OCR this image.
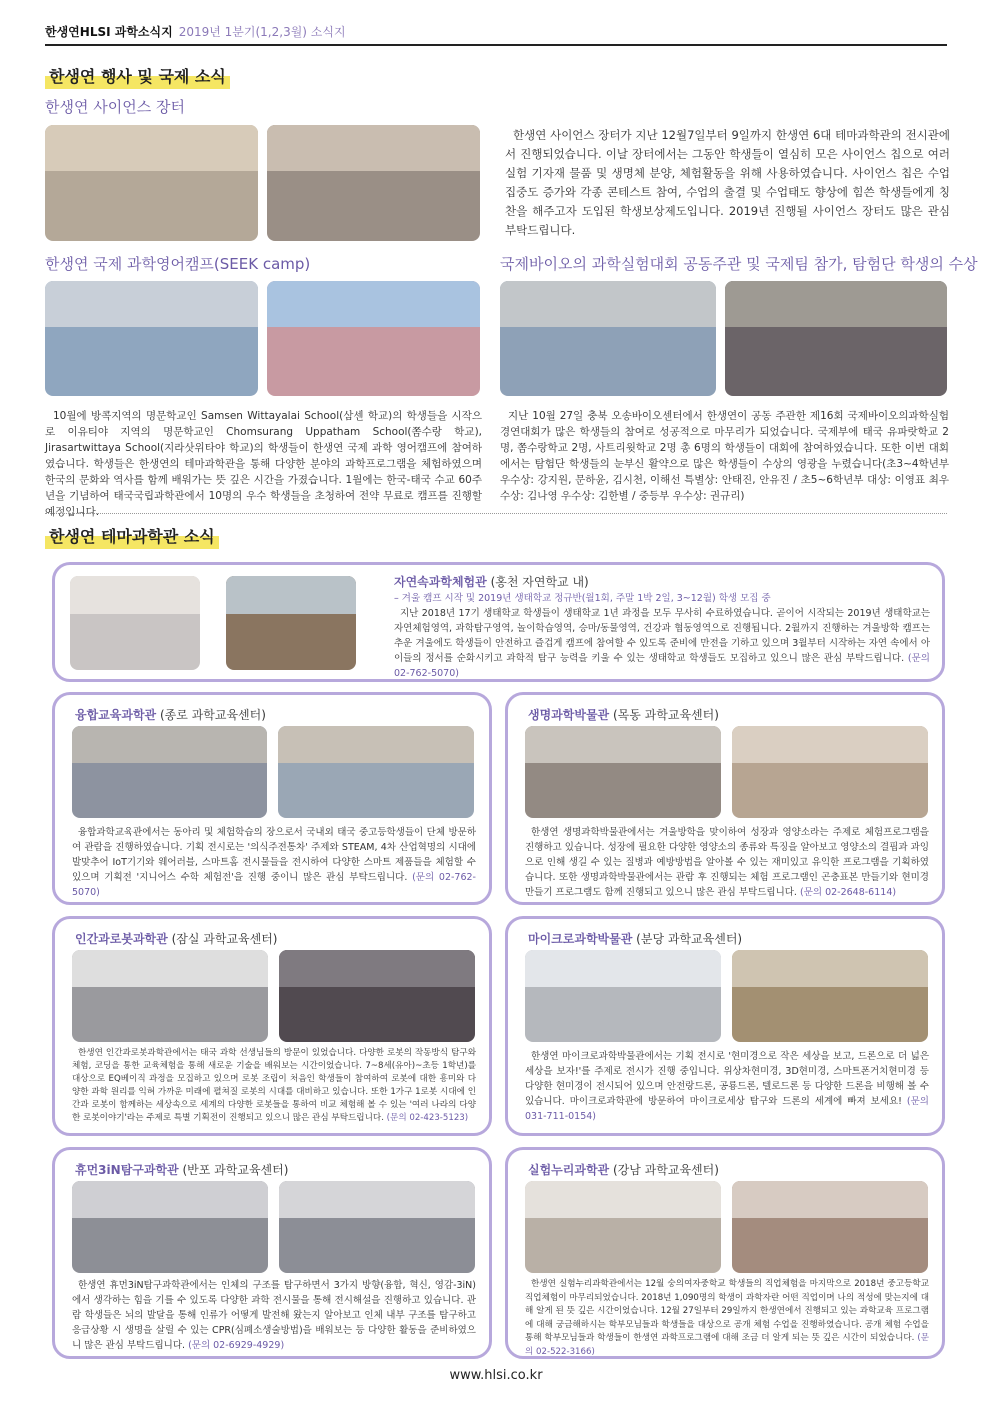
한생연HLSI 과학소식지 2019년 1분기(1,2,3월) 소식지
한생연 행사 및 국제 소식
한생연 사이언스 장터
한생연 사이언스 장터가 지난 12월7일부터 9일까지 한생연 6대 테마과학관의 전시관에서 진행되었습니다. 이날 장터에서는 그동안 학생들이 열심히 모은 사이언스 칩으로 여러 실험 기자재 물품 및 생명체 분양, 체험활동을 위해 사용하였습니다. 사이언스 칩은 수업 집중도 증가와 각종 콘테스트 참여, 수업의 출결 및 수업태도 향상에 힘쓴 학생들에게 칭찬을 해주고자 도입된 학생보상제도입니다. 2019년 진행될 사이언스 장터도 많은 관심 부탁드립니다.
한생연 국제 과학영어캠프(SEEK camp)	국제바이오의 과학실험대회 공동주관 및 국제팀 참가, 탐험단 학생의 수상
10월에 방콕지역의 명문학교인 Samsen Wittayalai School(삼센 학교)의 학생들을 시작으로 이유티야 지역의 명문학교인 Chomsurang Uppatham School(쫌수랑 학교), Jirasartwittaya School(지라삿위타야 학교)의 학생들이 한생연 국제 과학 영어캠프에 참여하였습니다. 학생들은 한생연의 테마과학관을 통해 다양한 분야의 과학프로그램을 체험하였으며 한국의 문화와 역사를 함께 배워가는 뜻 깊은 시간을 가졌습니다. 1월에는 한국-태국 수교 60주년을 기념하여 태국국립과학관에서 10명의 우수 학생들을 초청하여 전약 무료로 캠프를 진행할 예정입니다.
지난 10월 27일 충북 오송바이오센터에서 한생연이 공동 주관한 제16회 국제바이오의과학실험경연대회가 많은 학생들의 참여로 성공적으로 마무리가 되었습니다. 국제부에 태국 유파랏학교 2명, 쫌수랑학교 2명, 사트리윗학교 2명 총 6명의 학생들이 대회에 참여하였습니다. 또한 이번 대회에서는 탐험단 학생들의 눈부신 활약으로 많은 학생들이 수상의 영광을 누렸습니다(초3~4학년부 우수상: 강지원, 문하윤, 김시천, 이해선 특별상: 안태진, 안유진 / 초5~6학년부 대상: 이영표 최우수상: 김나영 우수상: 김한별 / 중등부 우수상: 권규리)
한생연 테마과학관 소식
자연속과학체험관 (홍천 자연학교 내)
– 겨울 캠프 시작 및 2019년 생태학교 정규반(월1회, 주말 1박 2일, 3~12월) 학생 모집 중
지난 2018년 17기 생태학교 학생들이 생태학교 1년 과정을 모두 무사히 수료하였습니다. 곧이어 시작되는 2019년 생태학교는 자연체험영역, 과학탐구영역, 놀이학습영역, 승마/동물영역, 건강과 협동영역으로 진행됩니다. 2월까지 진행하는 겨울방학 캠프는 추운 겨울에도 학생들이 안전하고 즐겁게 캠프에 참여할 수 있도록 준비에 만전을 기하고 있으며 3월부터 시작하는 자연 속에서 아이들의 정서를 순화시키고 과학적 탐구 능력을 키울 수 있는 생태학교 학생들도 모집하고 있으니 많은 관심 부탁드립니다. (문의 02-762-5070)
융합교육과학관 (종로 과학교육센터)
융합과학교육관에서는 동아리 및 체험학습의 장으로서 국내외 태국 중고등학생들이 단체 방문하여 관람을 진행하였습니다. 기획 전시로는 '의식주전통차' 주제와 STEAM, 4차 산업혁명의 시대에 발맞추어 IoT기기와 웨어러블, 스마트홈 전시물들을 전시하여 다양한 스마트 제품들을 체험할 수 있으며 기획전 '지니어스 수학 체험전'을 진행 중이니 많은 관심 부탁드립니다. (문의 02-762-5070)
생명과학박물관 (목동 과학교육센터)
한생연 생명과학박물관에서는 겨울방학을 맞이하여 성장과 영양소라는 주제로 체험프로그램을 진행하고 있습니다. 성장에 필요한 다양한 영양소의 종류와 특징을 알아보고 영양소의 결핍과 과잉으로 인해 생길 수 있는 질병과 예방방법을 알아볼 수 있는 재미있고 유익한 프로그램을 기획하였습니다. 또한 생명과학박물관에서는 관람 후 진행되는 체험 프로그램인 곤충표본 만들기와 현미경 만들기 프로그램도 함께 진행되고 있으니 많은 관심 부탁드립니다. (문의 02-2648-6114)
인간과로봇과학관 (잠실 과학교육센터)
한생연 인간과로봇과학관에서는 태국 과학 선생님들의 방문이 있었습니다. 다양한 로봇의 작동방식 탐구와 체험, 코딩을 통한 교육체험을 통해 새로운 기술을 배워보는 시간이었습니다. 7~8세(유아)~초등 1학년)를 대상으로 EQ베이직 과정을 모집하고 있으며 로봇 조립이 처음인 학생들이 참여하여 로봇에 대한 흥미와 다양한 과학 원리를 익혀 가까운 미래에 펼쳐질 로봇의 시대를 대비하고 있습니다. 또한 1가구 1로봇 시대에 인간과 로봇이 함께하는 세상속으로 세계의 다양한 로봇들을 통하여 비교 체험해 볼 수 있는 '여러 나라의 다양한 로봇이야기'라는 주제로 특별 기획전이 진행되고 있으니 많은 관심 부탁드립니다. (문의 02-423-5123)
마이크로과학박물관 (분당 과학교육센터)
한생연 마이크로과학박물관에서는 기획 전시로 '현미경으로 작은 세상을 보고, 드론으로 더 넓은 세상을 보자!'를 주제로 전시가 진행 중입니다. 위상차현미경, 3D현미경, 스마트폰거치현미경 등 다양한 현미경이 전시되어 있으며 안전랑드론, 공룡드론, 텔로드론 등 다양한 드론을 비행해 볼 수 있습니다. 마이크로과학관에 방문하여 마이크로세상 탐구와 드론의 세계에 빠져 보세요! (문의 031-711-0154)
휴먼3iN탐구과학관 (반포 과학교육센터)
한생연 휴먼3iN탐구과학관에서는 인체의 구조를 탐구하면서 3가지 방향(융합, 혁신, 영감-3iN)에서 생각하는 힘을 기를 수 있도록 다양한 과학 전시물을 통해 전시해설을 진행하고 있습니다. 관람 학생들은 뇌의 발달을 통해 인류가 어떻게 발전해 왔는지 알아보고 인체 내부 구조를 탐구하고 응급상황 시 생명을 살릴 수 있는 CPR(심폐소생술방법)을 배워보는 등 다양한 활동을 준비하였으니 많은 관심 부탁드립니다. (문의 02-6929-4929)
실험누리과학관 (강남 과학교육센터)
한생연 실험누리과학관에서는 12월 숭의여자중학교 학생들의 직업체험을 마지막으로 2018년 중고등학교 직업체험이 마무리되었습니다. 2018년 1,090명의 학생이 과학자란 어떤 직업이며 나의 적성에 맞는지에 대해 알게 된 뜻 깊은 시간이었습니다. 12월 27일부터 29일까지 한생연에서 진행되고 있는 과학교육 프로그램에 대해 궁금해하시는 학부모님들과 학생들을 대상으로 공개 체험 수업을 진행하였습니다. 공개 체험 수업을 통해 학부모님들과 학생들이 한생연 과학프로그램에 대해 조금 더 알게 되는 뜻 깊은 시간이 되었습니다. (문의 02-522-3166)
www.hlsi.co.kr
